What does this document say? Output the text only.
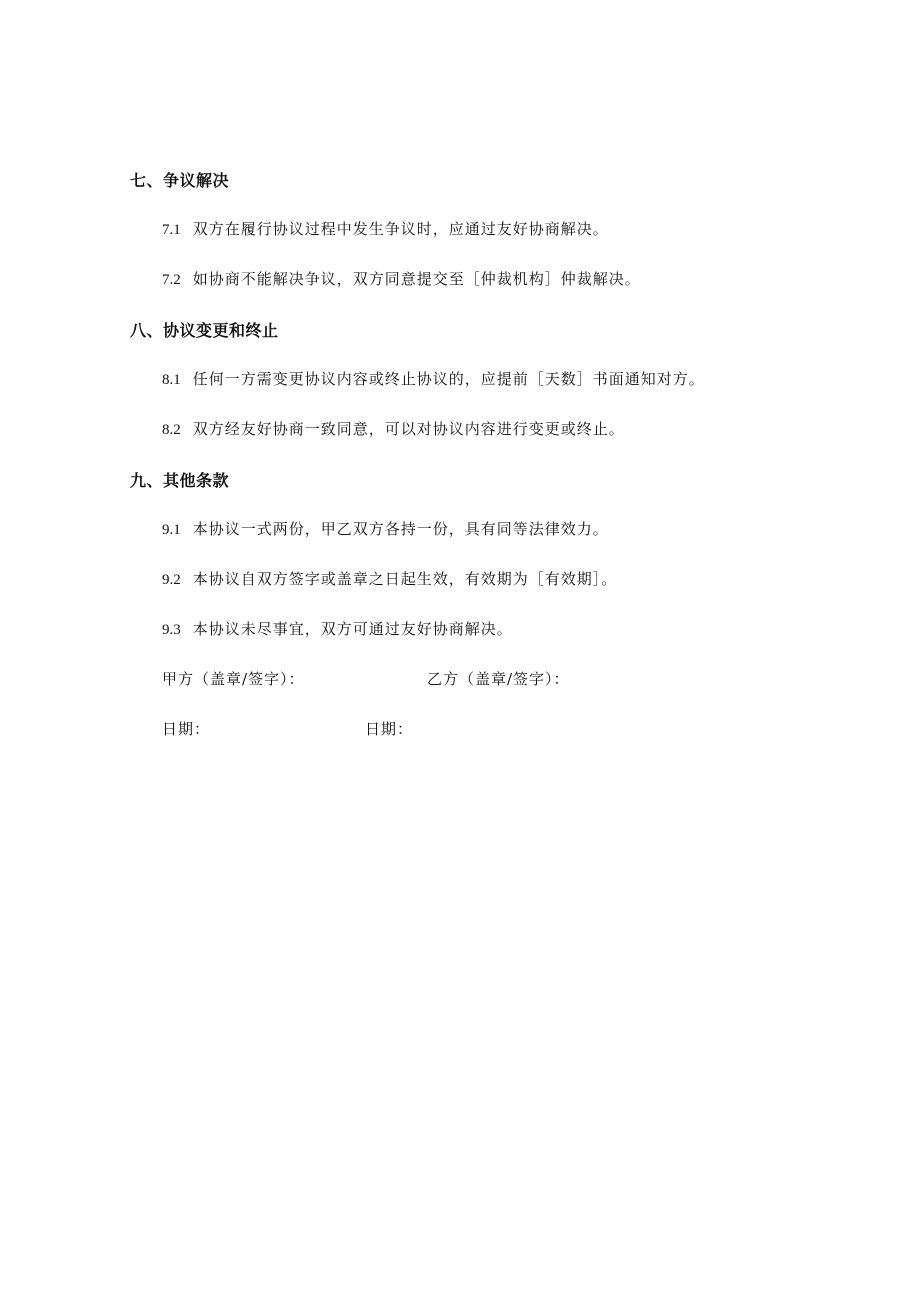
七、争议解决
7.1 双方在履行协议过程中发生争议时，应通过友好协商解决。
7.2 如协商不能解决争议，双方同意提交至［仲裁机构］仲裁解决。
八、协议变更和终止
8.1 任何一方需变更协议内容或终止协议的，应提前［天数］书面通知对方。
8.2 双方经友好协商一致同意，可以对协议内容进行变更或终止。
九、其他条款
9.1 本协议一式两份，甲乙双方各持一份，具有同等法律效力。
9.2 本协议自双方签字或盖章之日起生效，有效期为［有效期］。
9.3 本协议未尽事宜，双方可通过友好协商解决。
甲方（盖章/签字）：	乙方（盖章/签字）：
日期：	日期：
